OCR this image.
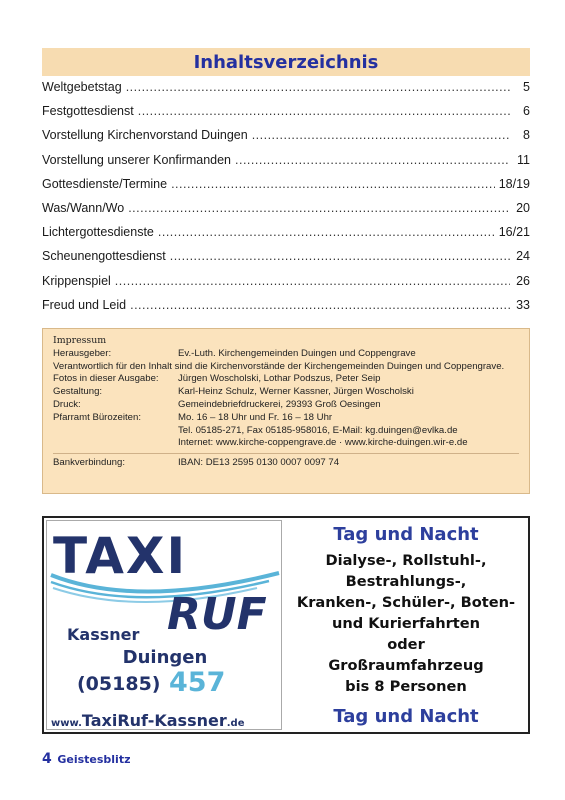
Inhaltsverzeichnis
Weltgebetstag .....	5
Festgottesdienst .....	6
Vorstellung Kirchenvorstand Duingen .....	8
Vorstellung unserer Konfirmanden .....	11
Gottesdienste/Termine .....	18/19
Was/Wann/Wo .....	20
Lichtergottesdienste .....	16/21
Scheunengottesdienst .....	24
Krippenspiel .....	26
Freud und Leid .....	33
Impressum
Herausgeber:	Ev.-Luth. Kirchengemeinden Duingen und Coppengrave
Verantwortlich für den Inhalt sind die Kirchenvorstände der Kirchengemeinden Duingen und Coppengrave.
Fotos in dieser Ausgabe:	Jürgen Woscholski, Lothar Podszus, Peter Seip
Gestaltung:	Karl-Heinz Schulz, Werner Kassner, Jürgen Woscholski
Druck:	Gemeindebriefdruckerei, 29393 Groß Oesingen
Pfarramt Bürozeiten:	Mo. 16 – 18 Uhr und Fr. 16 – 18 Uhr
Tel. 05185-271, Fax 05185-958016, E-Mail: kg.duingen@evlka.de
Internet: www.kirche-coppengrave.de · www.kirche-duingen.wir-e.de
Bankverbindung:	IBAN: DE13 2595 0130 0007 0097 74
TAXI
RUF
Kassner
Duingen
(05185) 457
www.TaxiRuf-Kassner.de
Tag und Nacht
Dialyse-, Rollstuhl-,
Bestrahlungs-,
Kranken-, Schüler-, Boten-
und Kurierfahrten
oder
Großraumfahrzeug
bis 8 Personen
Tag und Nacht
4 Geistesblitz
